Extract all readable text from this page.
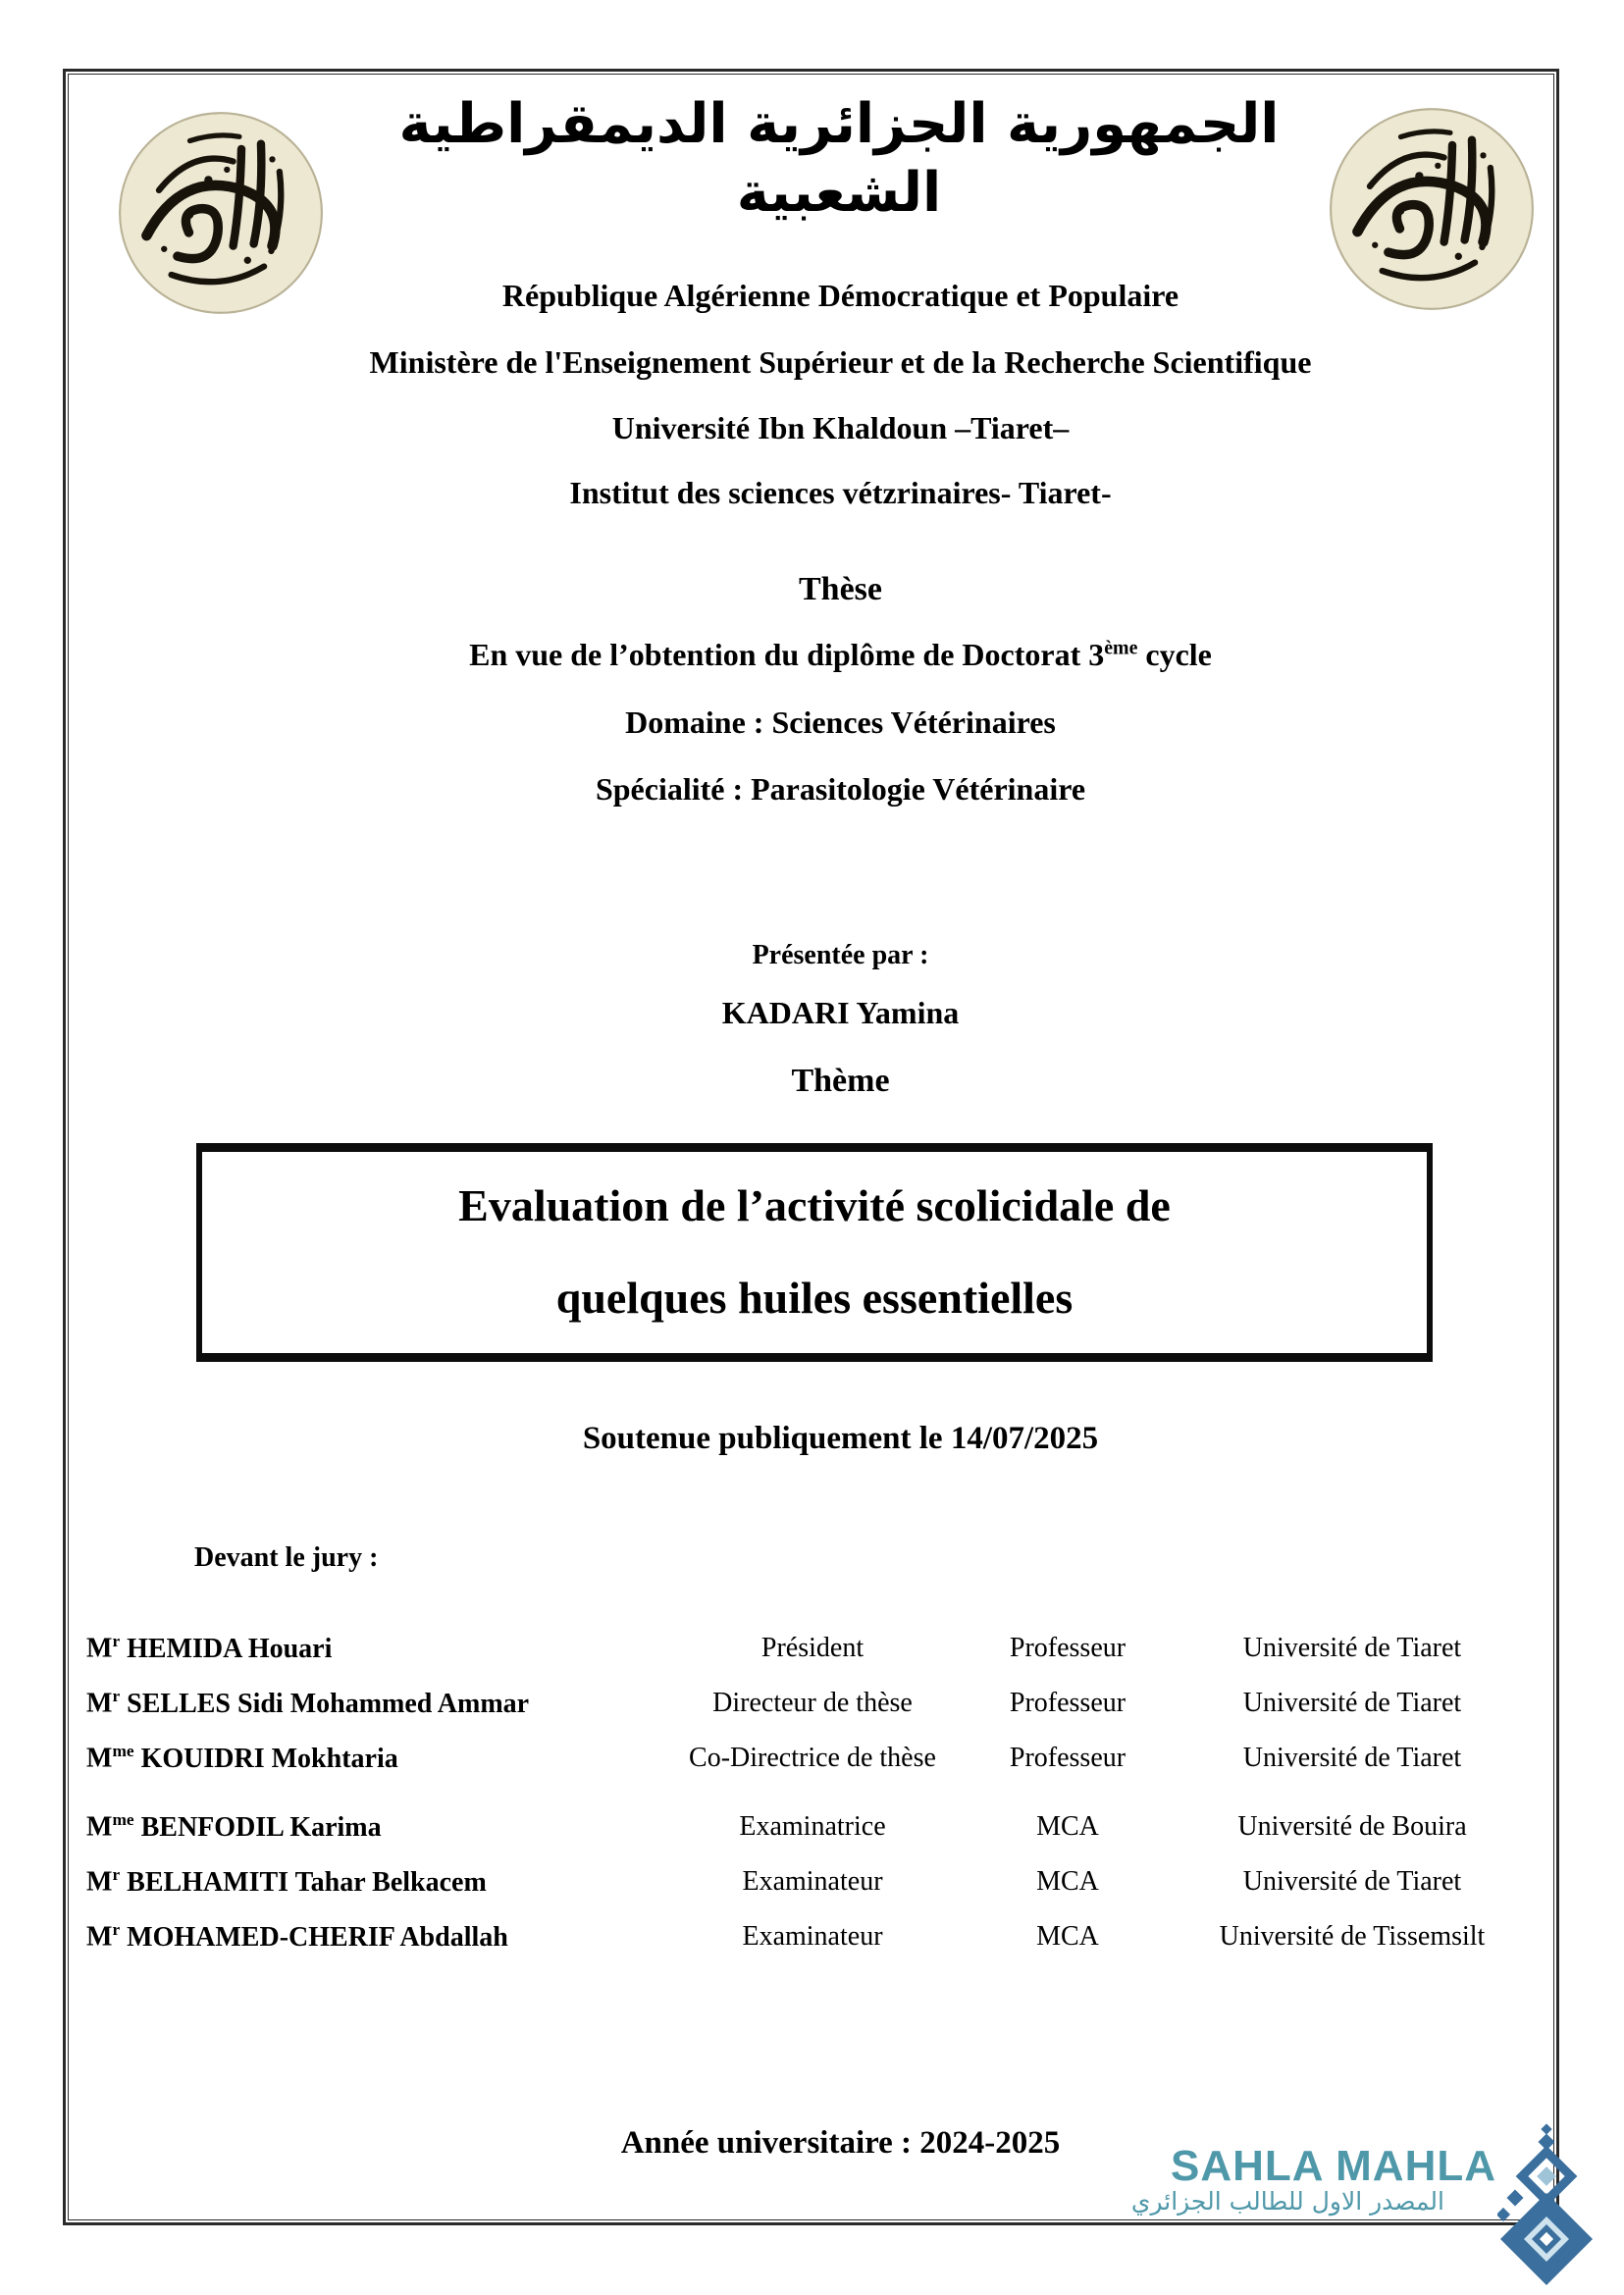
الجمهورية الجزائرية الديمقراطية الشعبية
République Algérienne Démocratique et Populaire
Ministère de l'Enseignement Supérieur et de la Recherche Scientifique
Université Ibn Khaldoun –Tiaret–
Institut des sciences vétzrinaires- Tiaret-
Thèse
En vue de l’obtention du diplôme de Doctorat 3ème cycle
Domaine : Sciences Vétérinaires
Spécialité : Parasitologie Vétérinaire
Présentée par :
KADARI Yamina
Thème
Evaluation de l’activité scolicidale de
quelques huiles essentielles
Soutenue publiquement le 14/07/2025
Devant le jury :
$M^r$ HEMIDA Houari	Président	Professeur	Université de Tiaret
$M^r$ SELLES Sidi Mohammed Ammar	Directeur de thèse	Professeur	Université de Tiaret
$M^{me}$ KOUIDRI Mokhtaria	Co-Directrice de thèse	Professeur	Université de Tiaret
$M^{me}$ BENFODIL Karima	Examinatrice	MCA	Université de Bouira
$M^r$ BELHAMITI Tahar Belkacem	Examinateur	MCA	Université de Tiaret
$M^r$ MOHAMED-CHERIF Abdallah	Examinateur	MCA	Université de Tissemsilt
Année universitaire : 2024-2025	SAHLA MAHLA
المصدر الاول للطالب الجزائري
